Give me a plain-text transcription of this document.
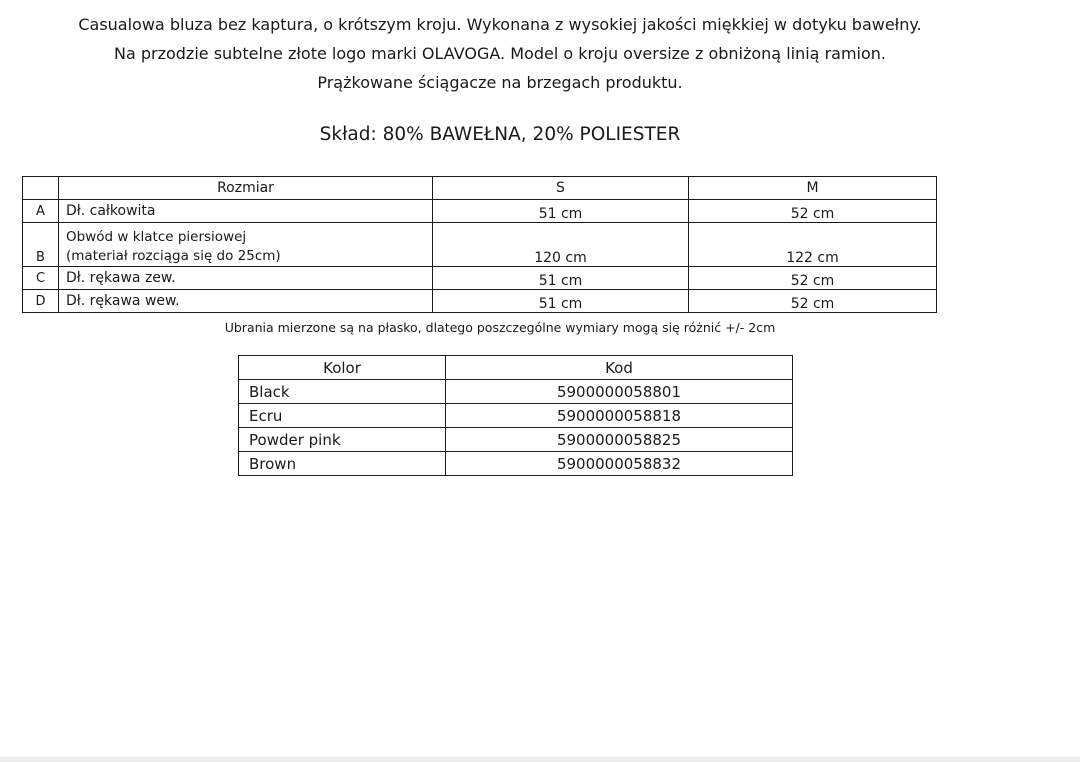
Casualowa bluza bez kaptura, o krótszym kroju. Wykonana z wysokiej jakości miękkiej w dotyku bawełny.
Na przodzie subtelne złote logo marki OLAVOGA. Model o kroju oversize z obniżoną linią ramion.
Prążkowane ściągacze na brzegach produktu.
Skład: 80% BAWEŁNA, 20% POLIESTER
	Rozmiar	S	M
A	Dł. całkowita	51 cm	52 cm
B	Obwód w klatce piersiowej
(materiał rozciąga się do 25cm)	120 cm	122 cm
C	Dł. rękawa zew.	51 cm	52 cm
D	Dł. rękawa wew.	51 cm	52 cm
Ubrania mierzone są na płasko, dlatego poszczególne wymiary mogą się różnić +/- 2cm
Kolor	Kod
Black	5900000058801
Ecru	5900000058818
Powder pink	5900000058825
Brown	5900000058832
